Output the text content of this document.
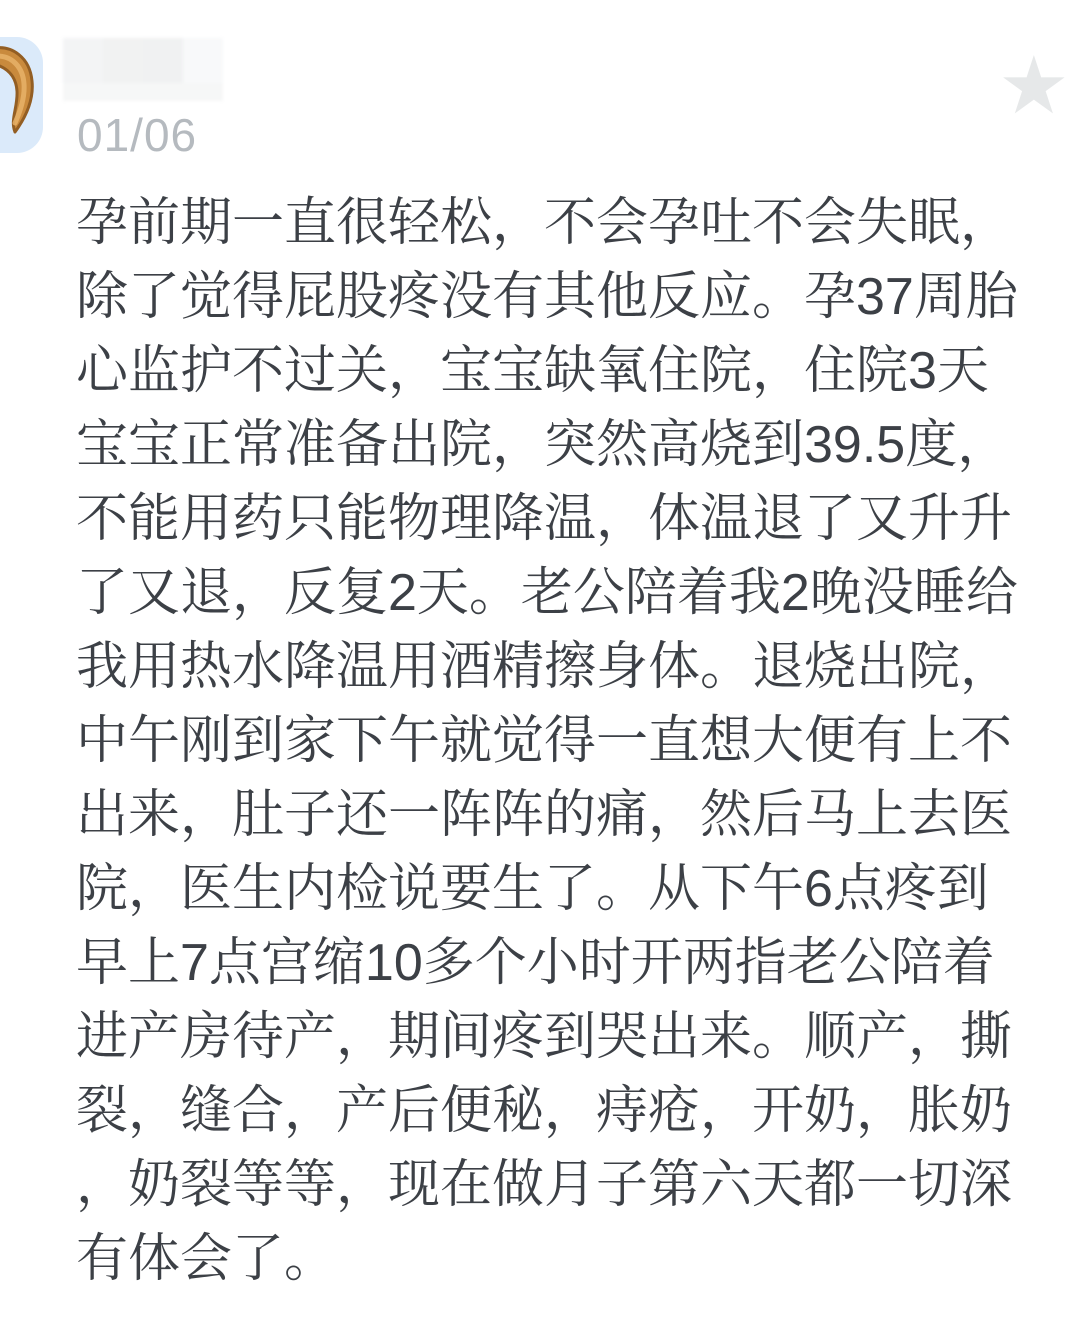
01/06
★
孕前期一直很轻松，不会孕吐不会失眠，
除了觉得屁股疼没有其他反应。孕37周胎
心监护不过关，宝宝缺氧住院，住院3天
宝宝正常准备出院，突然高烧到39.5度，
不能用药只能物理降温，体温退了又升升
了又退，反复2天。老公陪着我2晚没睡给
我用热水降温用酒精擦身体。退烧出院，
中午刚到家下午就觉得一直想大便有上不
出来，肚子还一阵阵的痛，然后马上去医
院，医生内检说要生了。从下午6点疼到
早上7点宫缩10多个小时开两指老公陪着
进产房待产，期间疼到哭出来。顺产，撕
裂，缝合，产后便秘，痔疮，开奶，胀奶
，奶裂等等，现在做月子第六天都一切深
有体会了。
